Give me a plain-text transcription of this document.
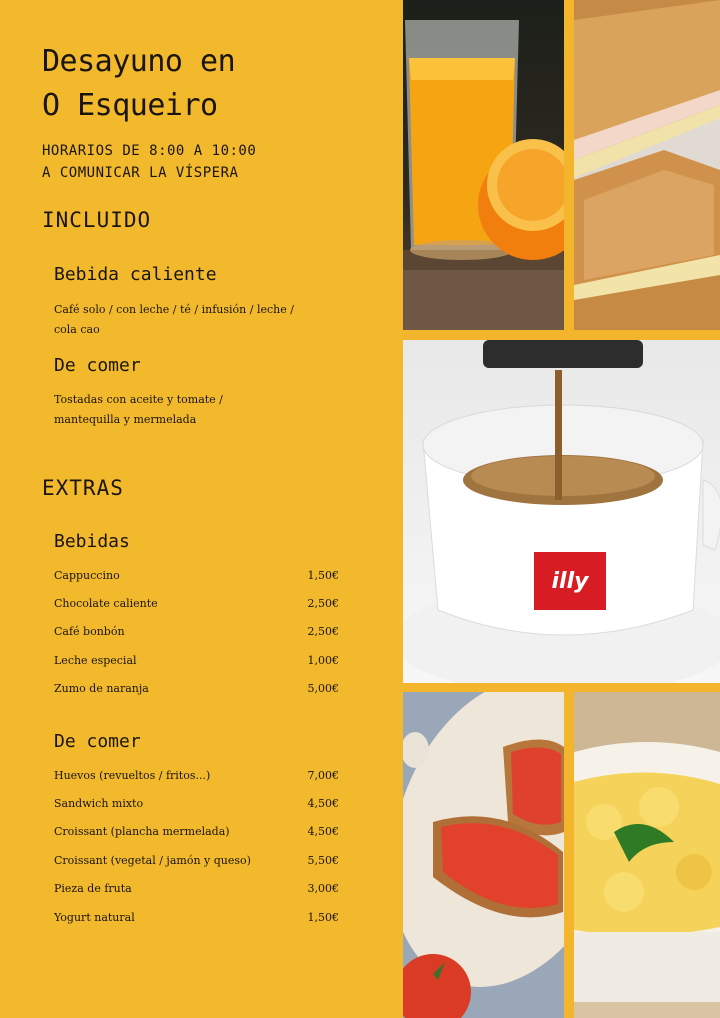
Desayuno en
O Esqueiro
HORARIOS DE 8:00 A 10:00
A COMUNICAR LA VÍSPERA
INCLUIDO
Bebida caliente
Café solo / con leche / té / infusión / leche /
cola cao
De comer
Tostadas con aceite y tomate /
mantequilla y mermelada
EXTRAS
Bebidas
Cappuccino	1,50€
Chocolate caliente	2,50€
Café bonbón	2,50€
Leche especial	1,00€
Zumo de naranja	5,00€
De comer
Huevos (revueltos / fritos...)	7,00€
Sandwich mixto	4,50€
Croissant (plancha mermelada)	4,50€
Croissant (vegetal / jamón y queso)	5,50€
Pieza de fruta	3,00€
Yogurt natural	1,50€
illy
